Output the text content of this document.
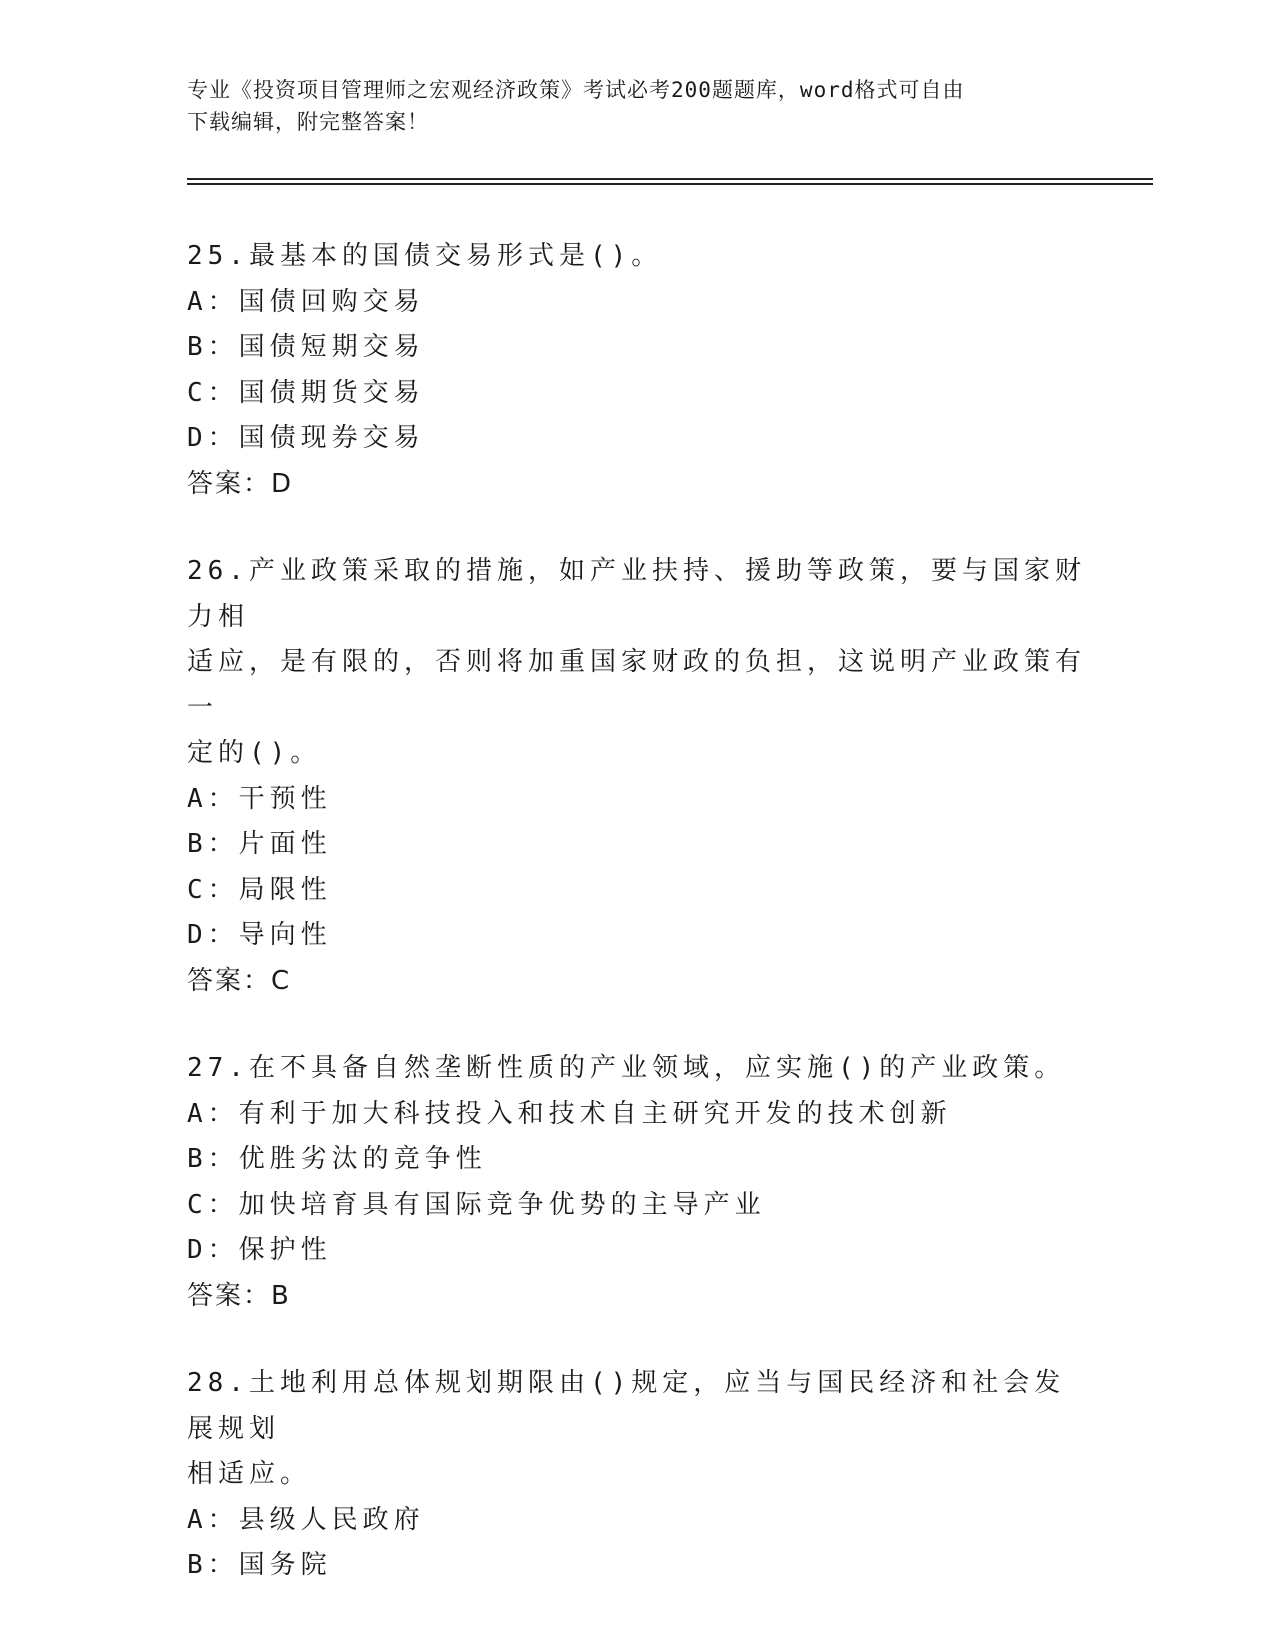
专业《投资项目管理师之宏观经济政策》考试必考200题题库，word格式可自由
下载编辑，附完整答案！
25.最基本的国债交易形式是()。
A：国债回购交易
B：国债短期交易
C：国债期货交易
D：国债现券交易
答案：D
26.产业政策采取的措施，如产业扶持、援助等政策，要与国家财力相
适应，是有限的，否则将加重国家财政的负担，这说明产业政策有一
定的()。
A：干预性
B：片面性
C：局限性
D：导向性
答案：C
27.在不具备自然垄断性质的产业领域，应实施()的产业政策。
A：有利于加大科技投入和技术自主研究开发的技术创新
B：优胜劣汰的竞争性
C：加快培育具有国际竞争优势的主导产业
D：保护性
答案：B
28.土地利用总体规划期限由()规定，应当与国民经济和社会发展规划
相适应。
A：县级人民政府
B：国务院
